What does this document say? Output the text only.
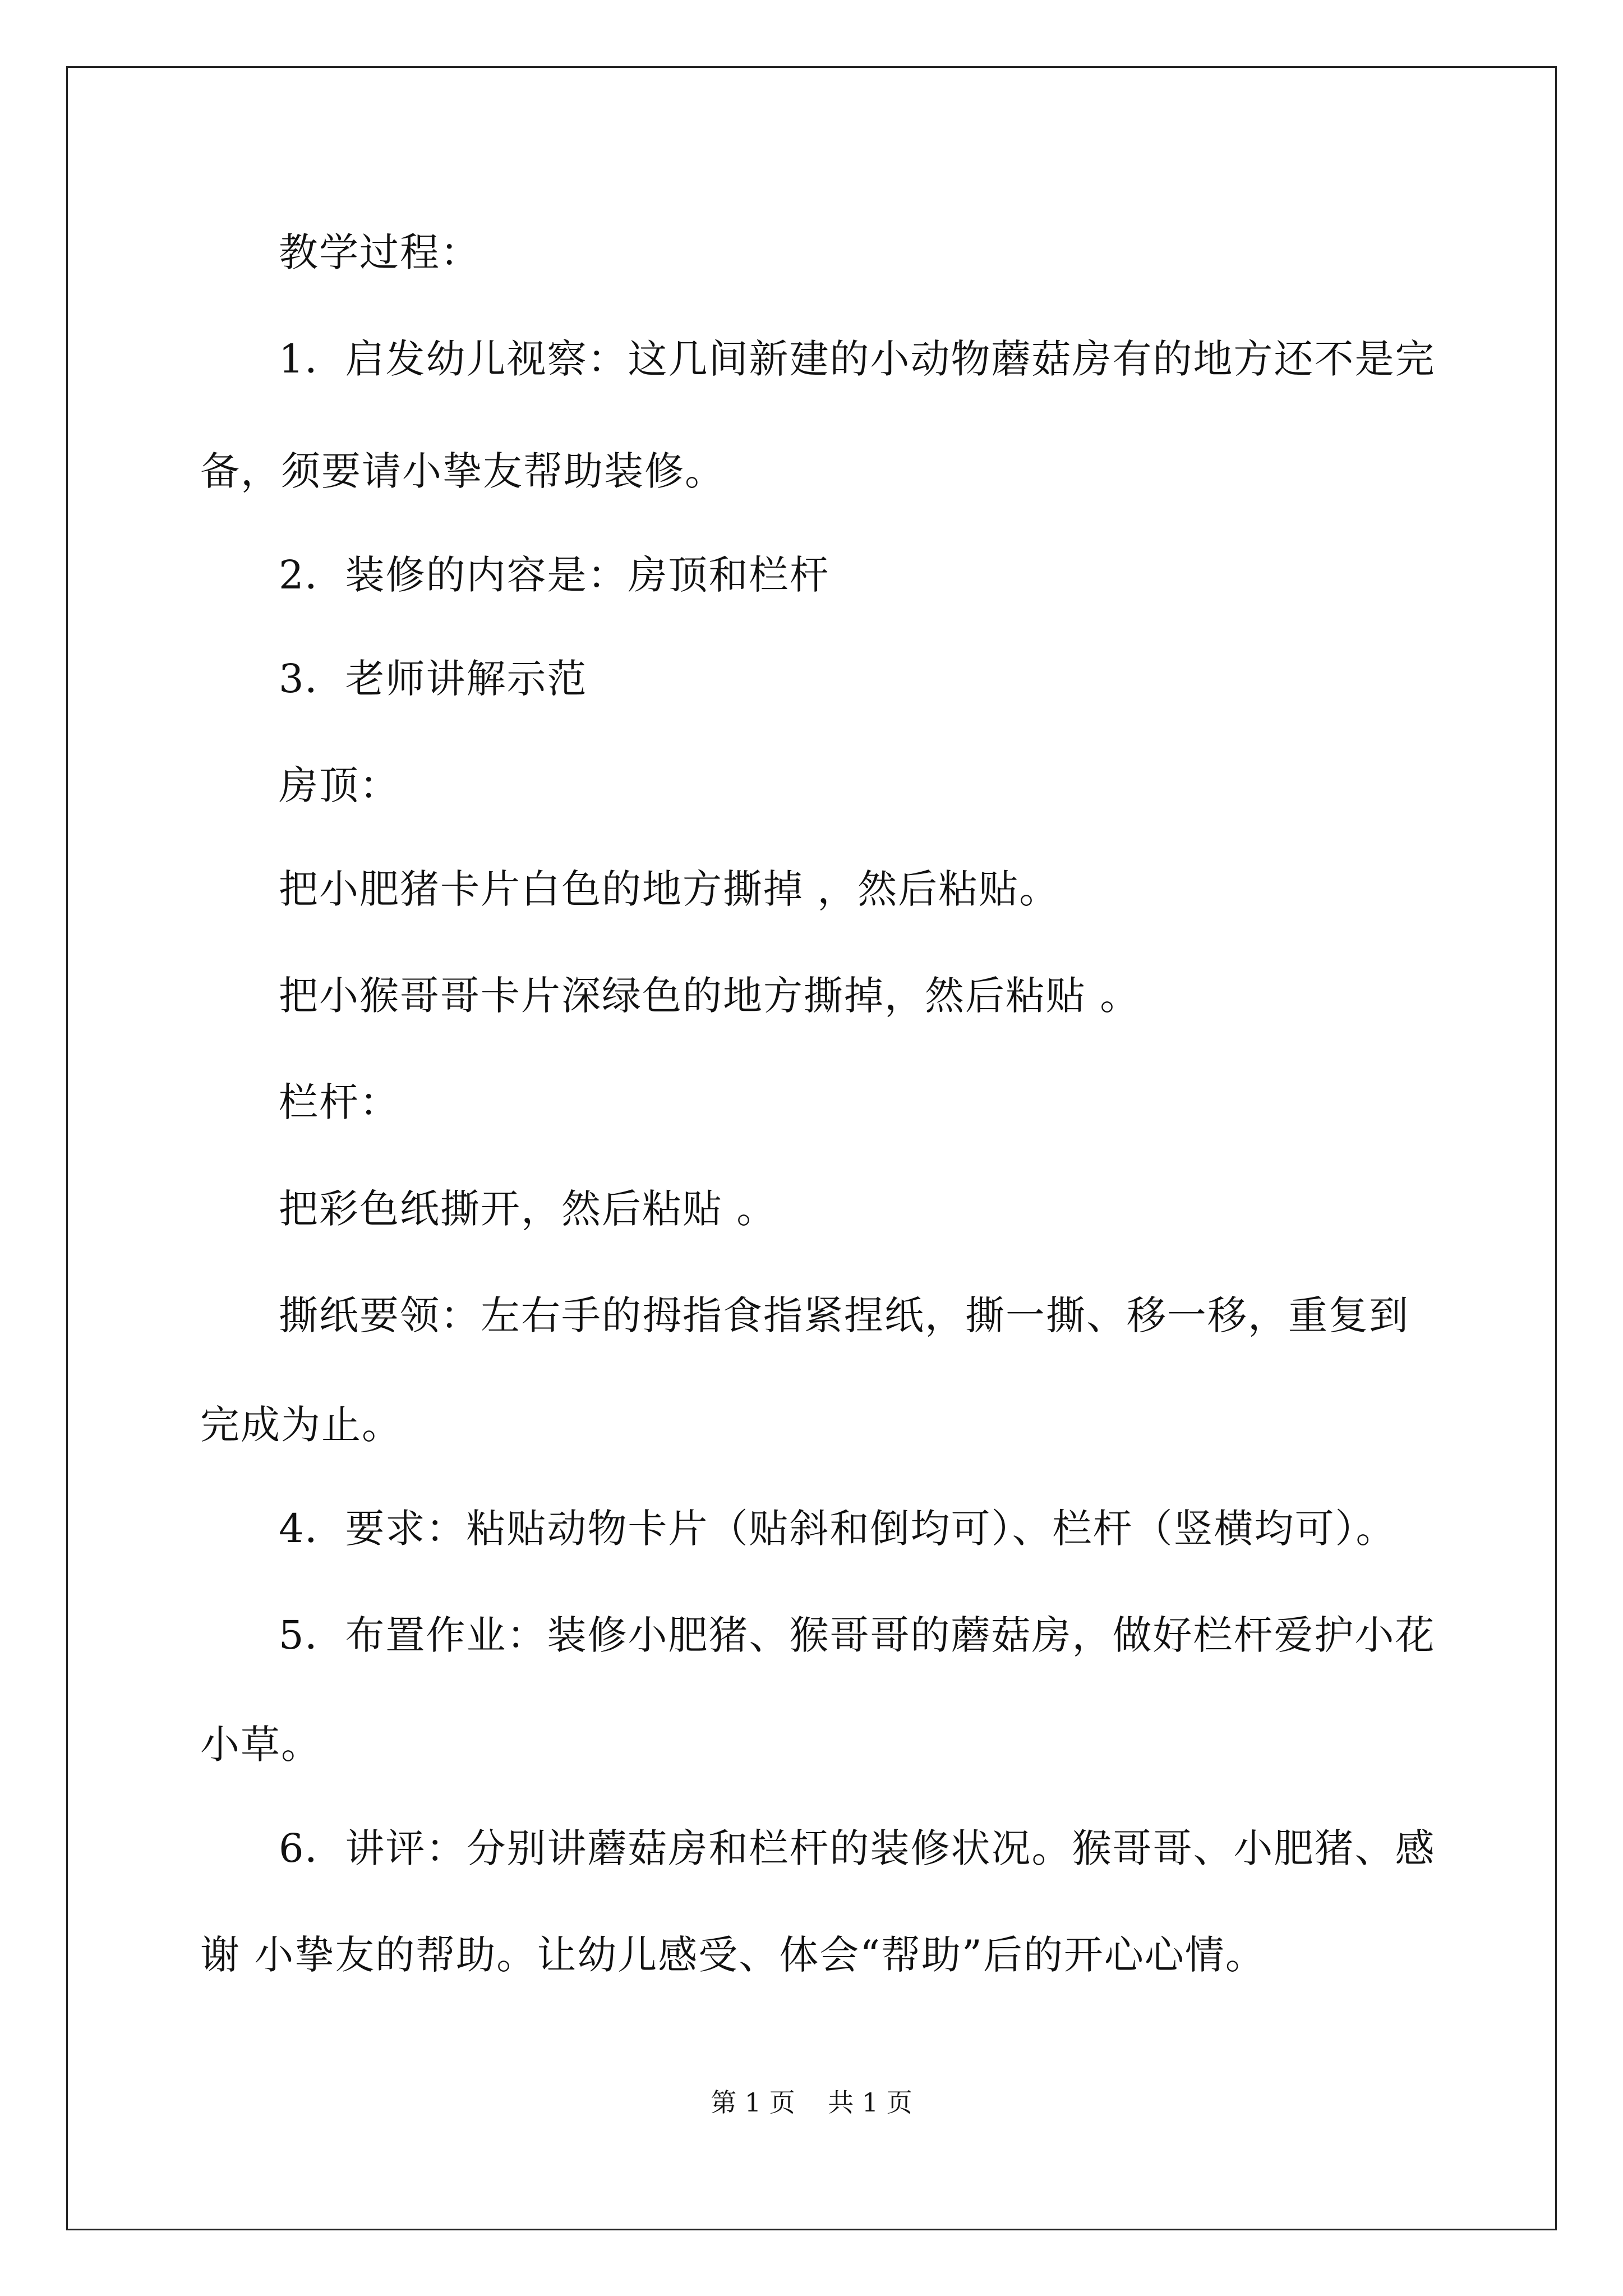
教学过程：
1．启发幼儿视察：这几间新建的小动物蘑菇房有的地方还不是完
备，须要请小挚友帮助装修。
2．装修的内容是：房顶和栏杆
3．老师讲解示范
房顶：
把小肥猪卡片白色的地方撕掉 ，然后粘贴。
把小猴哥哥卡片深绿色的地方撕掉，然后粘贴 。
栏杆：
把彩色纸撕开，然后粘贴 。
撕纸要领：左右手的拇指食指紧捏纸，撕一撕、移一移，重复到
完成为止。
4．要求：粘贴动物卡片（贴斜和倒均可）、栏杆（竖横均可）。
5．布置作业：装修小肥猪、猴哥哥的蘑菇房，做好栏杆爱护小花
小草。
6．讲评：分别讲蘑菇房和栏杆的装修状况。猴哥哥、小肥猪、感
谢 小挚友的帮助。让幼儿感受、体会“帮助”后的开心心情。
第 1 页    共 1 页
